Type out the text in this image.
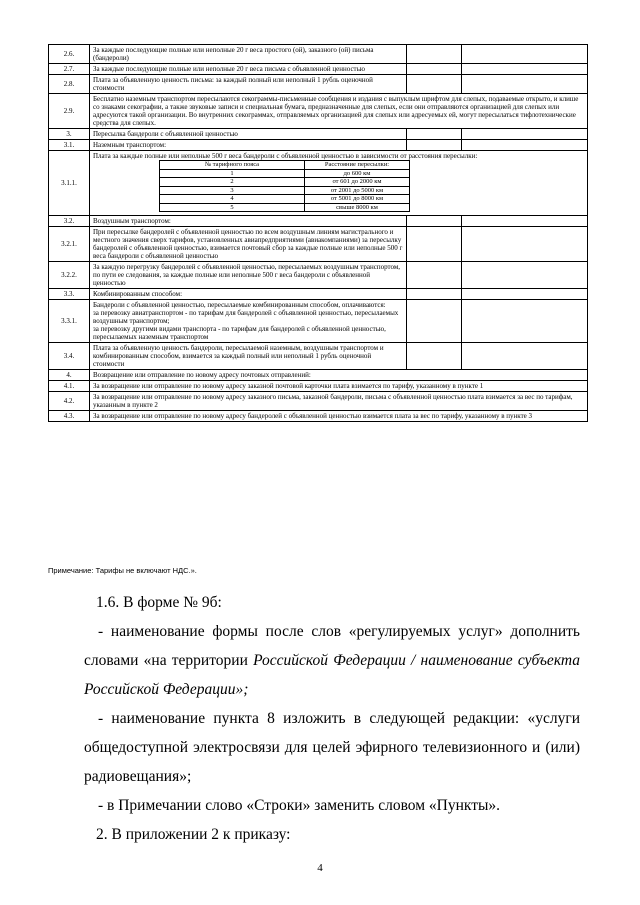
2.6.	За каждые последующие полные или неполные 20 г веса простого (ой), заказного (ой) письма (бандероли)

2.7.	За каждые последующие полные или неполные 20 г веса письма с объявленной ценностью

2.8.	Плата за объявленную ценность письма: за каждый полный или неполный 1 рубль оценочной стоимости

2.9.	Бесплатно наземным транспортом пересылаются секограммы-письменные сообщения и издания с выпуклым шрифтом для слепых, подаваемые открыто, и клише со знаками секографии, а также звуковые записи и специальная бумага, предназначенные для слепых, если они отправляются организацией для слепых или адресуются такой организации. Во внутренних секограммах, отправляемых организацией для слепых или адресуемых ей, могут пересылаться тифлотехнические средства для слепых.
3.	Пересылка бандероли с объявленной ценностью

3.1.	Наземным транспортом:

3.1.1.	
Плата за каждые полные или неполные 500 г веса бандероли с объявленной ценностью в зависимости от расстояния пересылки:
№ тарифного пояса	Расстояние пересылки:
1	до 600 км
2	от 601 до 2000 км
3	от 2001 до 5000 км
4	от 5001 до 8000 км
5	свыше 8000 км

3.2.	Воздушным транспортом:

3.2.1.	
При пересылке бандеролей с объявленной ценностью по всем воздушным линиям магистрального и местного значения сверх тарифов, установленных авиапредприятиями (авиакомпаниями) за пересылку бандеролей с объявленной ценностью, взимается почтовый сбор за каждые полные или неполные 500 г веса бандероли с объявленной ценностью

3.2.2.	
За каждую перегрузку бандеролей с объявленной ценностью, пересылаемых воздушным транспортом, по пути ее следования, за каждые полные или неполные 500 г веса бандероли с объявленной ценностью

3.3.	Комбинированным способом:

3.3.1.	
Бандероли с объявленной ценностью, пересылаемые комбинированным способом, оплачиваются:
за перевозку авиатранспортом - по тарифам для бандеролей с объявленной ценностью, пересылаемых воздушным транспортом;
за перевозку другими видами транспорта - по тарифам для бандеролей с объявленной ценностью, пересылаемых наземным транспортом

3.4.	
Плата за объявленную ценность бандероли, пересылаемой наземным, воздушным транспортом и комбинированным способом, взимается за каждый полный или неполный 1 рубль оценочной стоимости

4.	Возвращение или отправление по новому адресу почтовых отправлений:
4.1.	За возвращение или отправление по новому адресу заказной почтовой карточки плата взимается по тарифу, указанному в пункте 1
4.2.	За возвращение или отправление по новому адресу заказного письма, заказной бандероли, письма с объявленной ценностью плата взимается за вес по тарифам, указанным в пункте 2
4.3.	За возвращение или отправление по новому адресу бандеролей с объявленной ценностью взимается плата за вес по тарифу, указанному в пункте 3
Примечание: Тарифы не включают НДС.».

1.6. В форме № 9б:

- наименование формы после слов «регулируемых услуг» дополнить словами «на территории Российской Федерации / наименование субъекта Российской Федерации»;

- наименование пункта 8 изложить в следующей редакции: «услуги общедоступной электросвязи для целей эфирного телевизионного и (или) радиовещания»;

- в Примечании слово «Строки» заменить словом «Пункты».

2. В приложении 2 к приказу:

4
